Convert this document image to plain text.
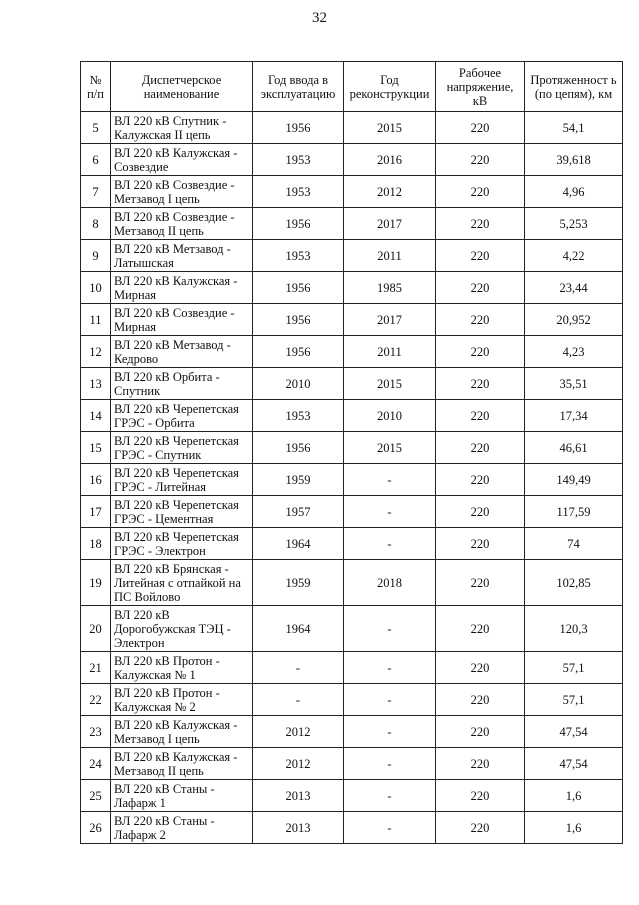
32
№ п/п	Диспетчерское наименование	Год ввода в эксплуатацию	Год реконструкции	Рабочее напряжение, кВ	Протяженност ь (по цепям), км
5	ВЛ 220 кВ Спутник - Калужская II цепь	1956	2015	220	54,1
6	ВЛ 220 кВ Калужская - Созвездие	1953	2016	220	39,618
7	ВЛ 220 кВ Созвездие - Метзавод I цепь	1953	2012	220	4,96
8	ВЛ 220 кВ Созвездие - Метзавод II цепь	1956	2017	220	5,253
9	ВЛ 220 кВ Метзавод - Латышская	1953	2011	220	4,22
10	ВЛ 220 кВ Калужская - Мирная	1956	1985	220	23,44
11	ВЛ 220 кВ Созвездие - Мирная	1956	2017	220	20,952
12	ВЛ 220 кВ Метзавод - Кедрово	1956	2011	220	4,23
13	ВЛ 220 кВ Орбита - Спутник	2010	2015	220	35,51
14	ВЛ 220 кВ Черепетская ГРЭС - Орбита	1953	2010	220	17,34
15	ВЛ 220 кВ Черепетская ГРЭС - Спутник	1956	2015	220	46,61
16	ВЛ 220 кВ Черепетская ГРЭС - Литейная	1959	-	220	149,49
17	ВЛ 220 кВ Черепетская ГРЭС - Цементная	1957	-	220	117,59
18	ВЛ 220 кВ Черепетская ГРЭС - Электрон	1964	-	220	74
19	ВЛ 220 кВ Брянская - Литейная с отпайкой на ПС Войлово	1959	2018	220	102,85
20	ВЛ 220 кВ Дорогобужская ТЭЦ - Электрон	1964	-	220	120,3
21	ВЛ 220 кВ Протон - Калужская № 1	-	-	220	57,1
22	ВЛ 220 кВ Протон - Калужская № 2	-	-	220	57,1
23	ВЛ 220 кВ Калужская - Метзавод I цепь	2012	-	220	47,54
24	ВЛ 220 кВ Калужская - Метзавод II цепь	2012	-	220	47,54
25	ВЛ 220 кВ Станы - Лафарж 1	2013	-	220	1,6
26	ВЛ 220 кВ Станы - Лафарж 2	2013	-	220	1,6
